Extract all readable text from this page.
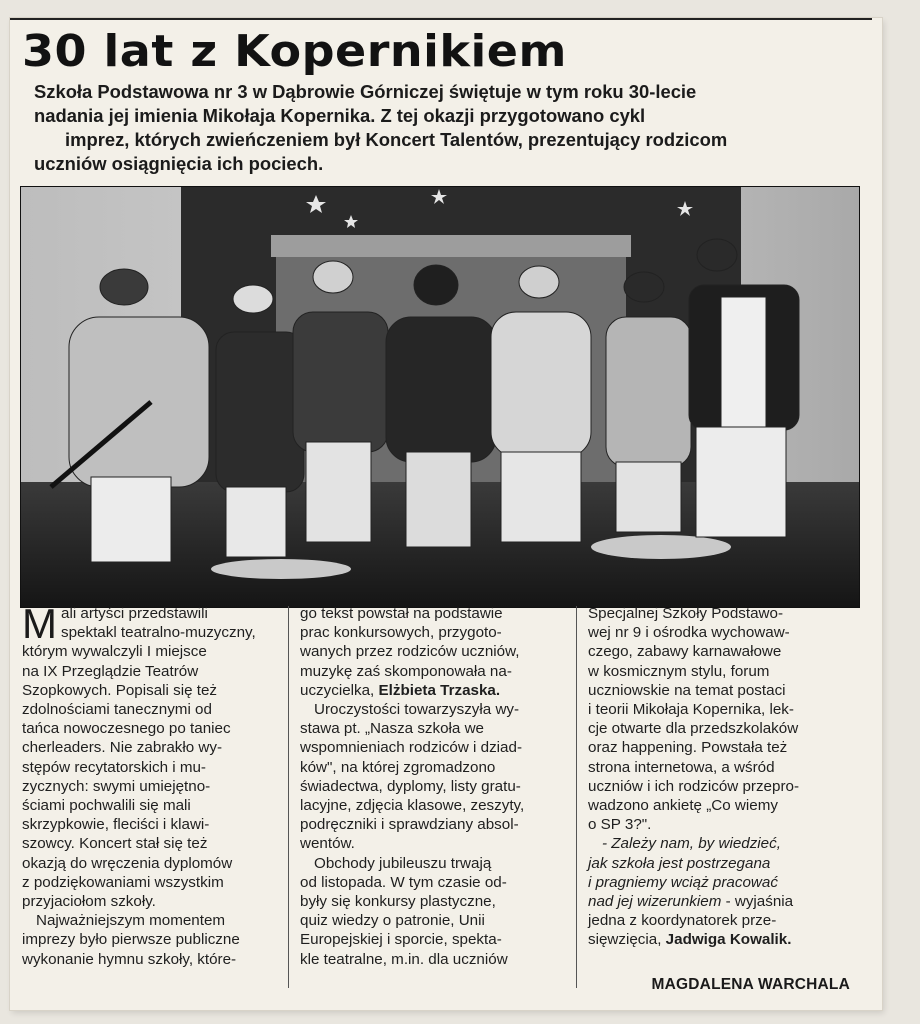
30 lat z Kopernikiem
Szkoła Podstawowa nr 3 w Dąbrowie Górniczej świętuje w tym roku 30-lecie
nadania jej imienia Mikołaja Kopernika. Z tej okazji przygotowano cykl
imprez, których zwieńczeniem był Koncert Talentów, prezentujący rodzicom
uczniów osiągnięcia ich pociech.
M ali artyści przedstawili
spektakl teatralno-muzyczny,
którym wywalczyli I miejsce
na IX Przeglądzie Teatrów
Szopkowych. Popisali się też
zdolnościami tanecznymi od
tańca nowoczesnego po taniec
cherleaders. Nie zabrakło wy-
stępów recytatorskich i mu-
zycznych: swymi umiejętno-
ściami pochwalili się mali
skrzypkowie, fleciści i klawi-
szowcy. Koncert stał się też
okazją do wręczenia dyplomów
z podziękowaniami wszystkim
przyjaciołom szkoły.
Najważniejszym momentem
imprezy było pierwsze publiczne
wykonanie hymnu szkoły, które-
go tekst powstał na podstawie
prac konkursowych, przygoto-
wanych przez rodziców uczniów,
muzykę zaś skomponowała na-
uczycielka, Elżbieta Trzaska.
Uroczystości towarzyszyła wy-
stawa pt. „Nasza szkoła we
wspomnieniach rodziców i dziad-
ków", na której zgromadzono
świadectwa, dyplomy, listy gratu-
lacyjne, zdjęcia klasowe, zeszyty,
podręczniki i sprawdziany absol-
wentów.
Obchody jubileuszu trwają
od listopada. W tym czasie od-
były się konkursy plastyczne,
quiz wiedzy o patronie, Unii
Europejskiej i sporcie, spekta-
kle teatralne, m.in. dla uczniów
Specjalnej Szkoły Podstawo-
wej nr 9 i ośrodka wychowaw-
czego, zabawy karnawałowe
w kosmicznym stylu, forum
uczniowskie na temat postaci
i teorii Mikołaja Kopernika, lek-
cje otwarte dla przedszkolaków
oraz happening. Powstała też
strona internetowa, a wśród
uczniów i ich rodziców przepro-
wadzono ankietę „Co wiemy
o SP 3?".
- Zależy nam, by wiedzieć,
jak szkoła jest postrzegana
i pragniemy wciąż pracować
nad jej wizerunkiem - wyjaśnia
jedna z koordynatorek prze-
sięwzięcia, Jadwiga Kowalik.
MAGDALENA WARCHALA
